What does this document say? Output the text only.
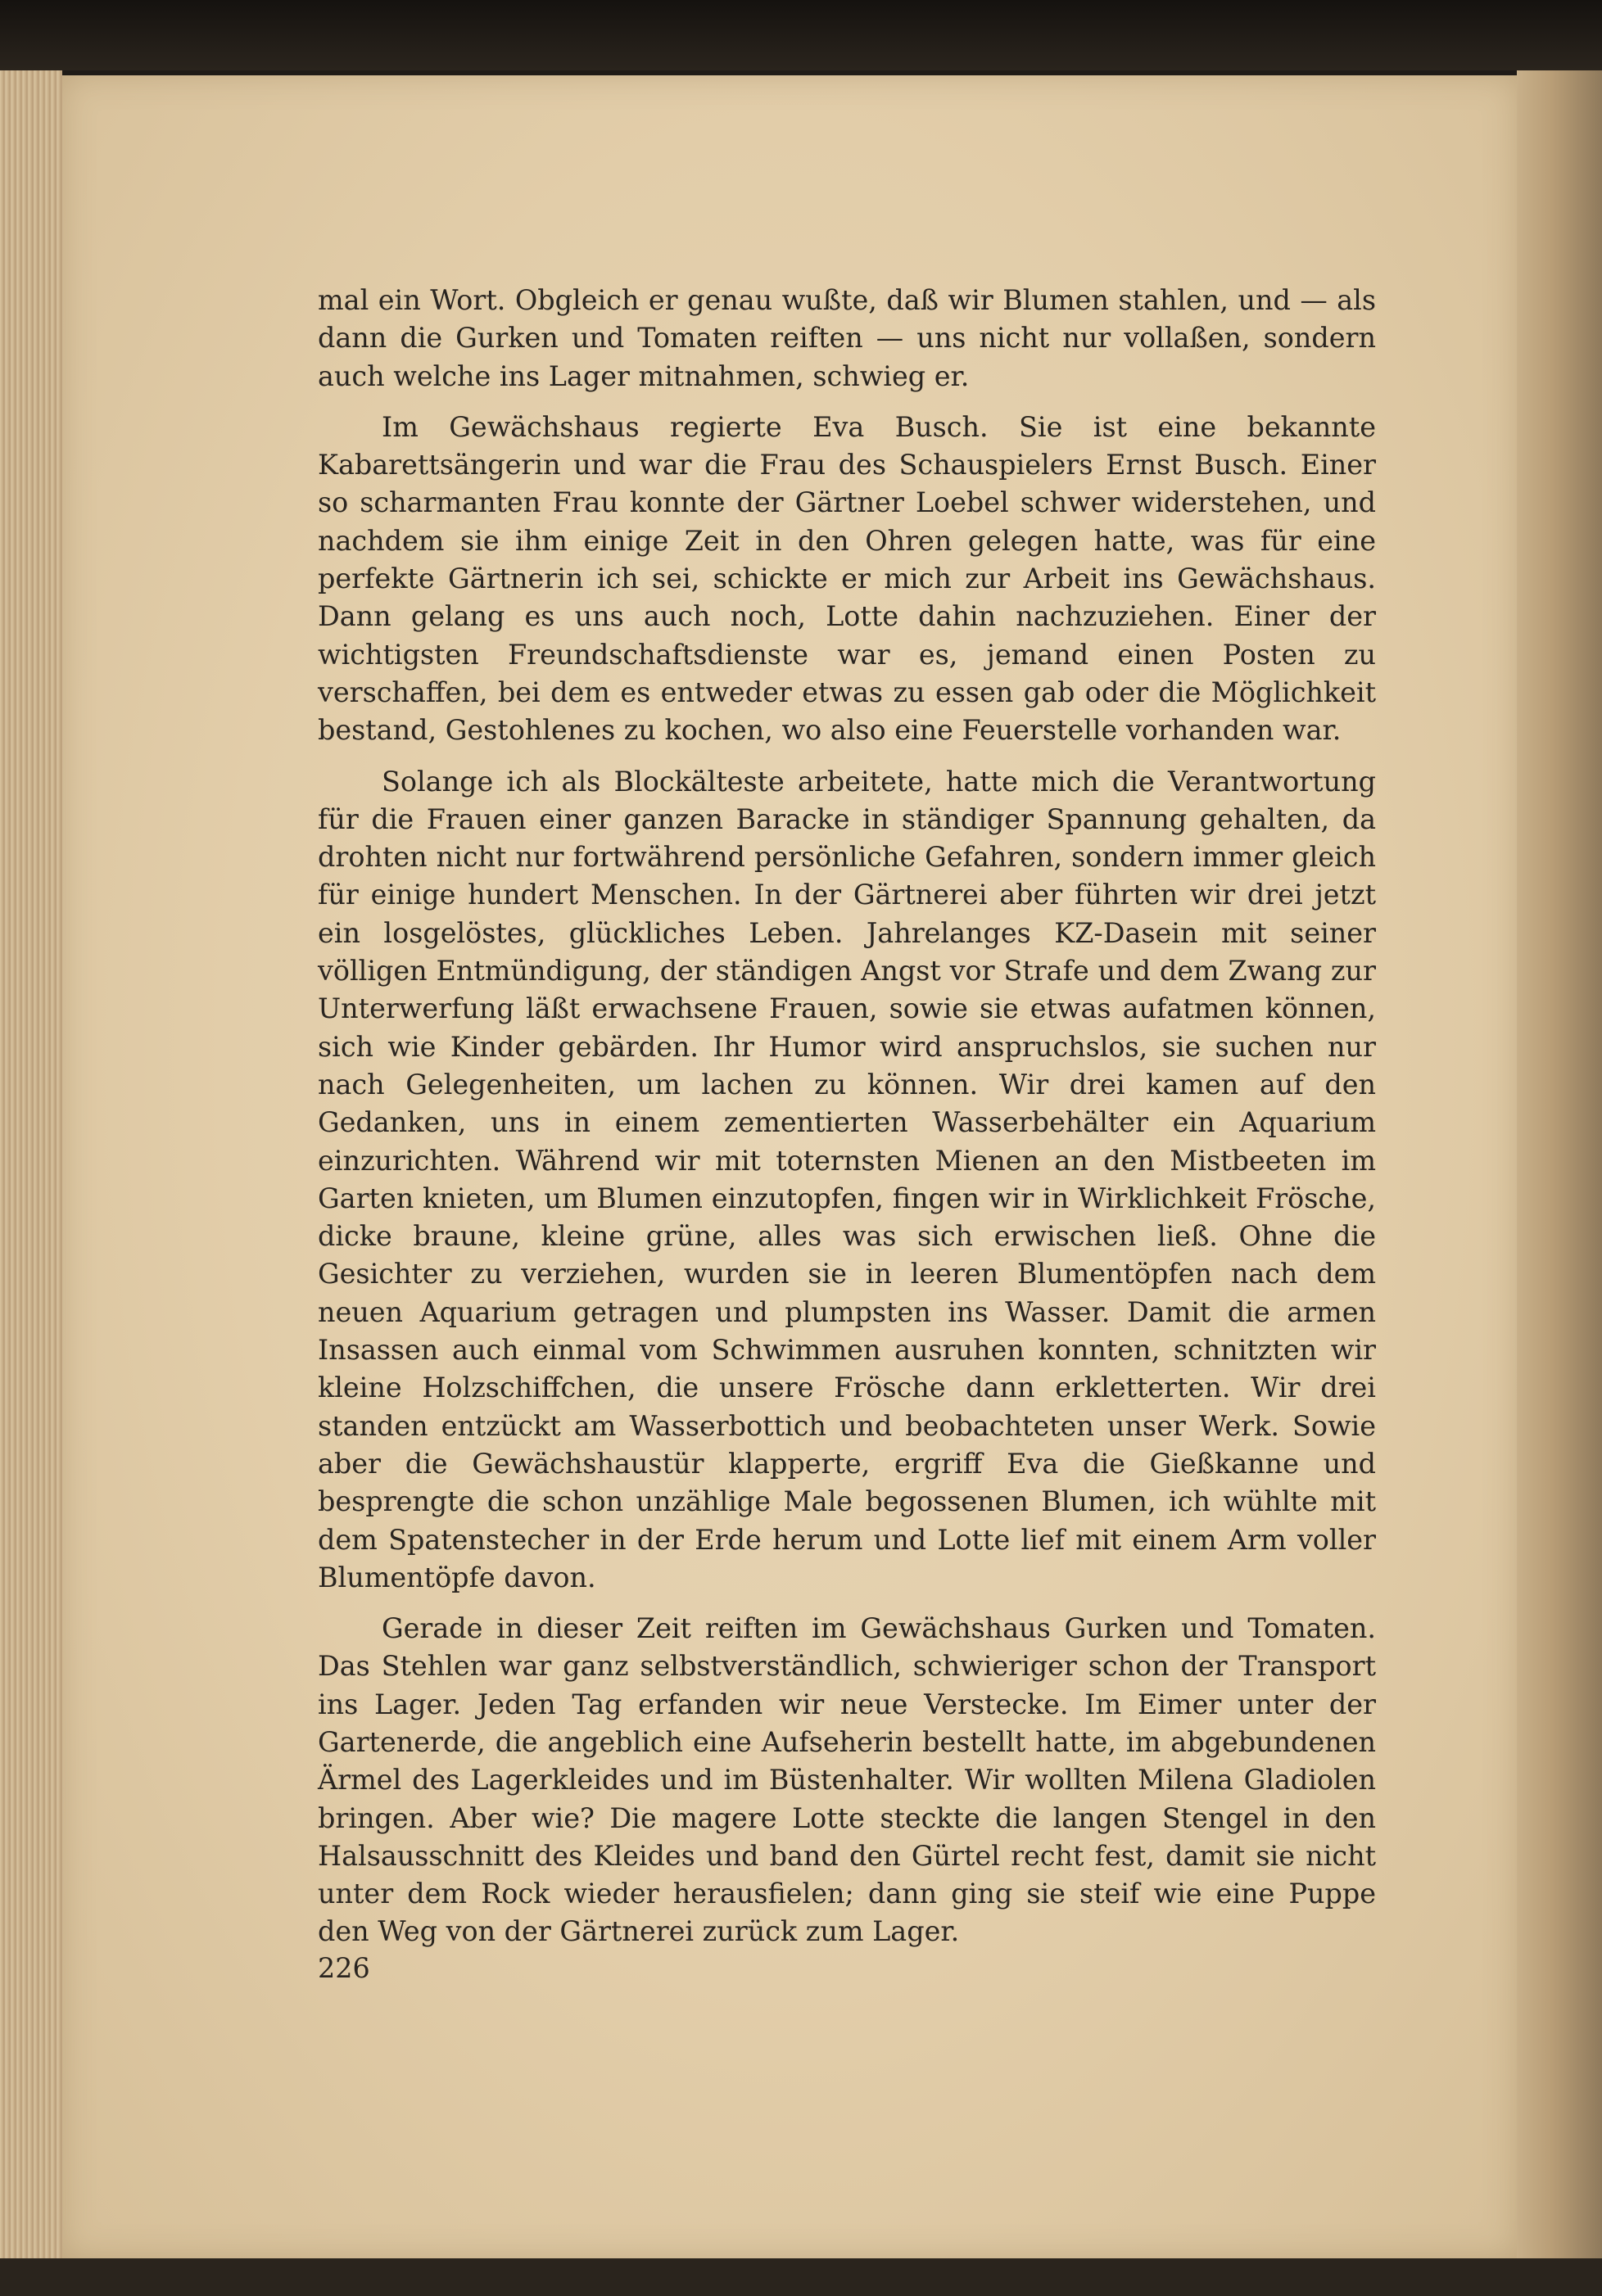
mal ein Wort. Obgleich er genau wußte, daß wir Blumen stahlen, und — als dann die Gurken und Tomaten reiften — uns nicht nur vollaßen, sondern auch welche ins Lager mitnahmen, schwieg er.

Im Gewächshaus regierte Eva Busch. Sie ist eine bekannte Kabarettsängerin und war die Frau des Schauspielers Ernst Busch. Einer so scharmanten Frau konnte der Gärtner Loebel schwer widerstehen, und nachdem sie ihm einige Zeit in den Ohren gelegen hatte, was für eine perfekte Gärtnerin ich sei, schickte er mich zur Arbeit ins Gewächshaus. Dann gelang es uns auch noch, Lotte dahin nachzuziehen. Einer der wichtigsten Freundschaftsdienste war es, jemand einen Posten zu verschaffen, bei dem es entweder etwas zu essen gab oder die Möglichkeit bestand, Gestohlenes zu kochen, wo also eine Feuerstelle vorhanden war.

Solange ich als Blockälteste arbeitete, hatte mich die Verantwortung für die Frauen einer ganzen Baracke in ständiger Spannung gehalten, da drohten nicht nur fortwährend persönliche Gefahren, sondern immer gleich für einige hundert Menschen. In der Gärtnerei aber führten wir drei jetzt ein losgelöstes, glückliches Leben. Jahrelanges KZ-Dasein mit seiner völligen Entmündigung, der ständigen Angst vor Strafe und dem Zwang zur Unterwerfung läßt erwachsene Frauen, sowie sie etwas aufatmen können, sich wie Kinder gebärden. Ihr Humor wird anspruchslos, sie suchen nur nach Gelegenheiten, um lachen zu können. Wir drei kamen auf den Gedanken, uns in einem zementierten Wasserbehälter ein Aquarium einzurichten. Während wir mit toternsten Mienen an den Mistbeeten im Garten knieten, um Blumen einzutopfen, fingen wir in Wirklichkeit Frösche, dicke braune, kleine grüne, alles was sich erwischen ließ. Ohne die Gesichter zu verziehen, wurden sie in leeren Blumentöpfen nach dem neuen Aquarium getragen und plumpsten ins Wasser. Damit die armen Insassen auch einmal vom Schwimmen ausruhen konnten, schnitzten wir kleine Holzschiffchen, die unsere Frösche dann erkletterten. Wir drei standen entzückt am Wasserbottich und beobachteten unser Werk. Sowie aber die Gewächshaustür klapperte, ergriff Eva die Gießkanne und besprengte die schon unzählige Male begossenen Blumen, ich wühlte mit dem Spatenstecher in der Erde herum und Lotte lief mit einem Arm voller Blumentöpfe davon.

Gerade in dieser Zeit reiften im Gewächshaus Gurken und Tomaten. Das Stehlen war ganz selbstverständlich, schwieriger schon der Transport ins Lager. Jeden Tag erfanden wir neue Verstecke. Im Eimer unter der Gartenerde, die angeblich eine Aufseherin bestellt hatte, im abgebundenen Ärmel des Lagerkleides und im Büstenhalter. Wir wollten Milena Gladiolen bringen. Aber wie? Die magere Lotte steckte die langen Stengel in den Halsausschnitt des Kleides und band den Gürtel recht fest, damit sie nicht unter dem Rock wieder herausfielen; dann ging sie steif wie eine Puppe den Weg von der Gärtnerei zurück zum Lager.

226
